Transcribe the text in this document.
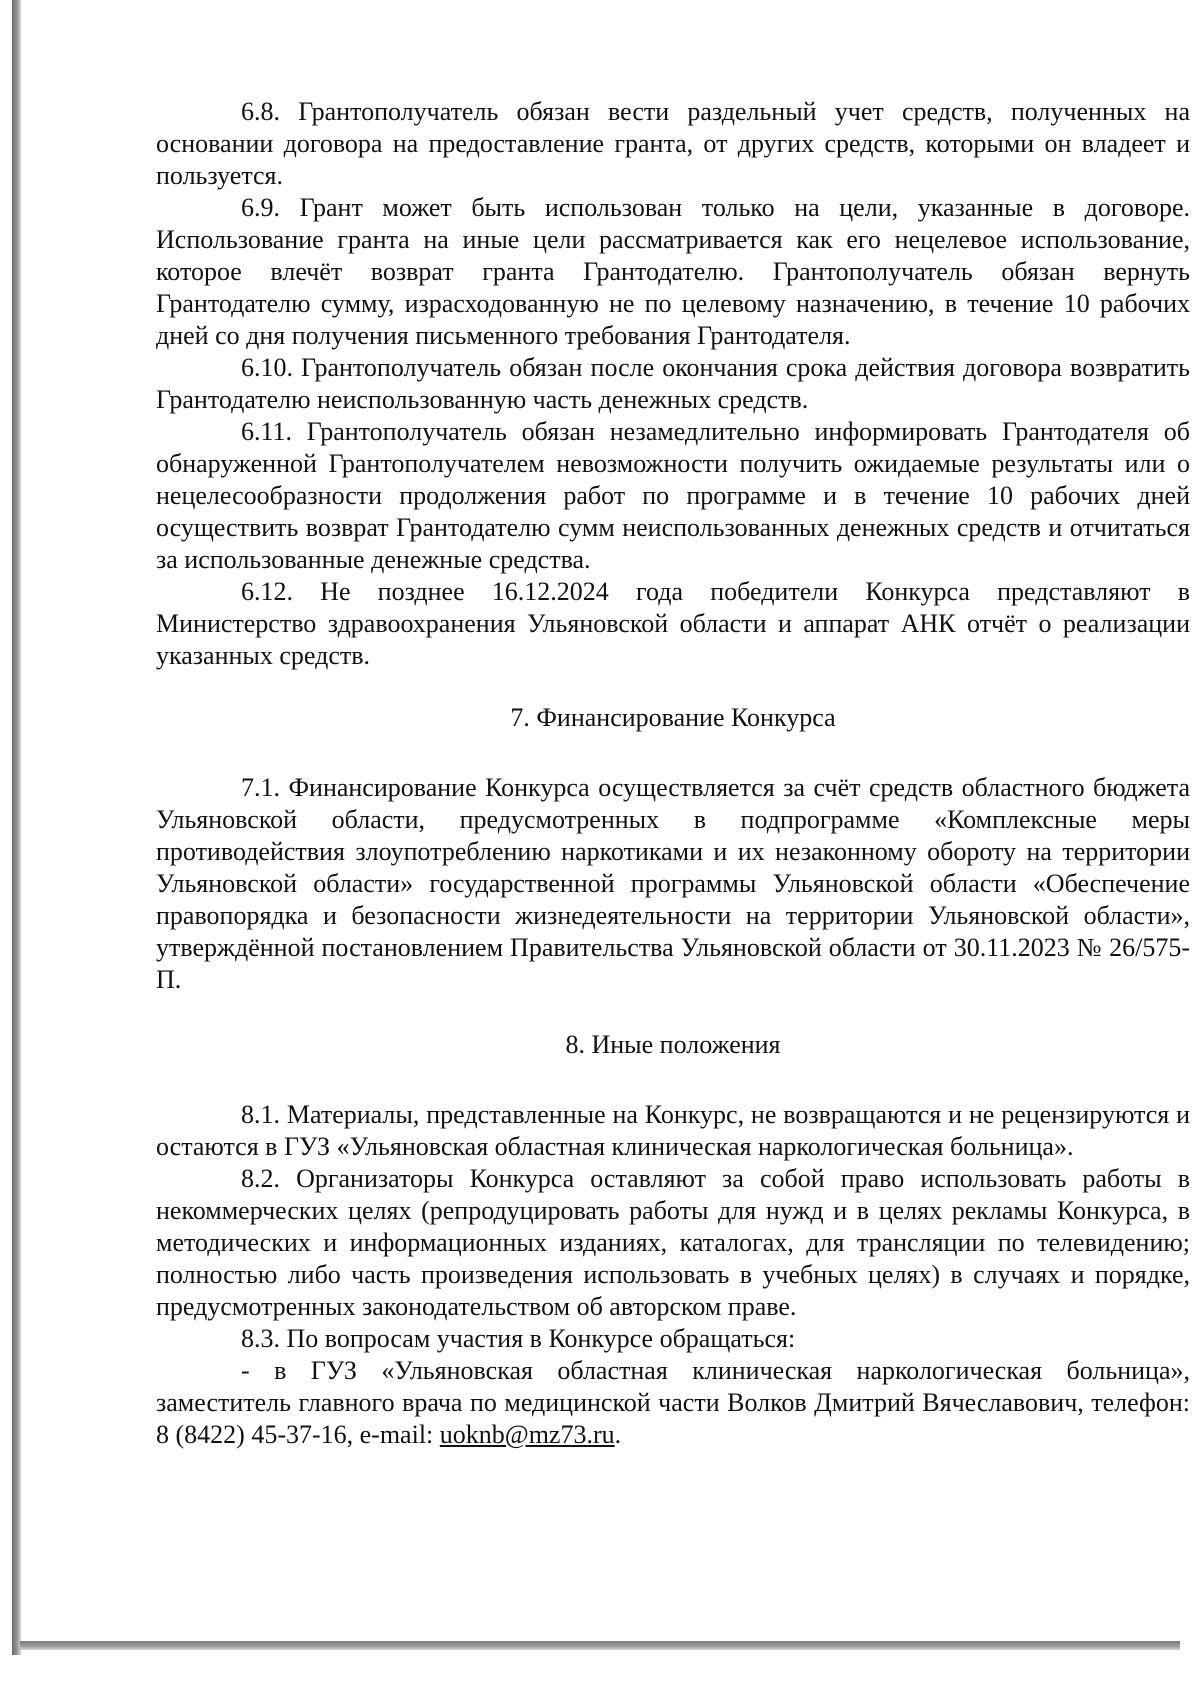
6.8. Грантополучатель обязан вести раздельный учет средств, полученных на основании договора на предоставление гранта, от других средств, которыми он владеет и пользуется.

6.9. Грант может быть использован только на цели, указанные в договоре. Использование гранта на иные цели рассматривается как его нецелевое использование, которое влечёт возврат гранта Грантодателю. Грантополучатель обязан вернуть Грантодателю сумму, израсходованную не по целевому назначению, в течение 10 рабочих дней со дня получения письменного требования Грантодателя.

6.10. Грантополучатель обязан после окончания срока действия договора возвратить Грантодателю неиспользованную часть денежных средств.

6.11. Грантополучатель обязан незамедлительно информировать Грантодателя об обнаруженной Грантополучателем невозможности получить ожидаемые результаты или о нецелесообразности продолжения работ по программе и в течение 10 рабочих дней осуществить возврат Грантодателю сумм неиспользованных денежных средств и отчитаться за использованные денежные средства.

6.12. Не позднее 16.12.2024 года победители Конкурса представляют в Министерство здравоохранения Ульяновской области и аппарат АНК отчёт о реализации указанных средств.

7. Финансирование Конкурса

7.1. Финансирование Конкурса осуществляется за счёт средств областного бюджета Ульяновской области, предусмотренных в подпрограмме «Комплексные меры противодействия злоупотреблению наркотиками и их незаконному обороту на территории Ульяновской области» государственной программы Ульяновской области «Обеспечение правопорядка и безопасности жизнедеятельности на территории Ульяновской области», утверждённой постановлением Правительства Ульяновской области от 30.11.2023 № 26/575-П.

8. Иные положения

8.1. Материалы, представленные на Конкурс, не возвращаются и не рецензируются и остаются в ГУЗ «Ульяновская областная клиническая наркологическая больница».

8.2. Организаторы Конкурса оставляют за собой право использовать работы в некоммерческих целях (репродуцировать работы для нужд и в целях рекламы Конкурса, в методических и информационных изданиях, каталогах, для трансляции по телевидению; полностью либо часть произведения использовать в учебных целях) в случаях и порядке, предусмотренных законодательством об авторском праве.

8.3. По вопросам участия в Конкурсе обращаться:

- в ГУЗ «Ульяновская областная клиническая наркологическая больница», заместитель главного врача по медицинской части Волков Дмитрий Вячеславович, телефон: 8 (8422) 45-37-16, e-mail: uoknb@mz73.ru.
